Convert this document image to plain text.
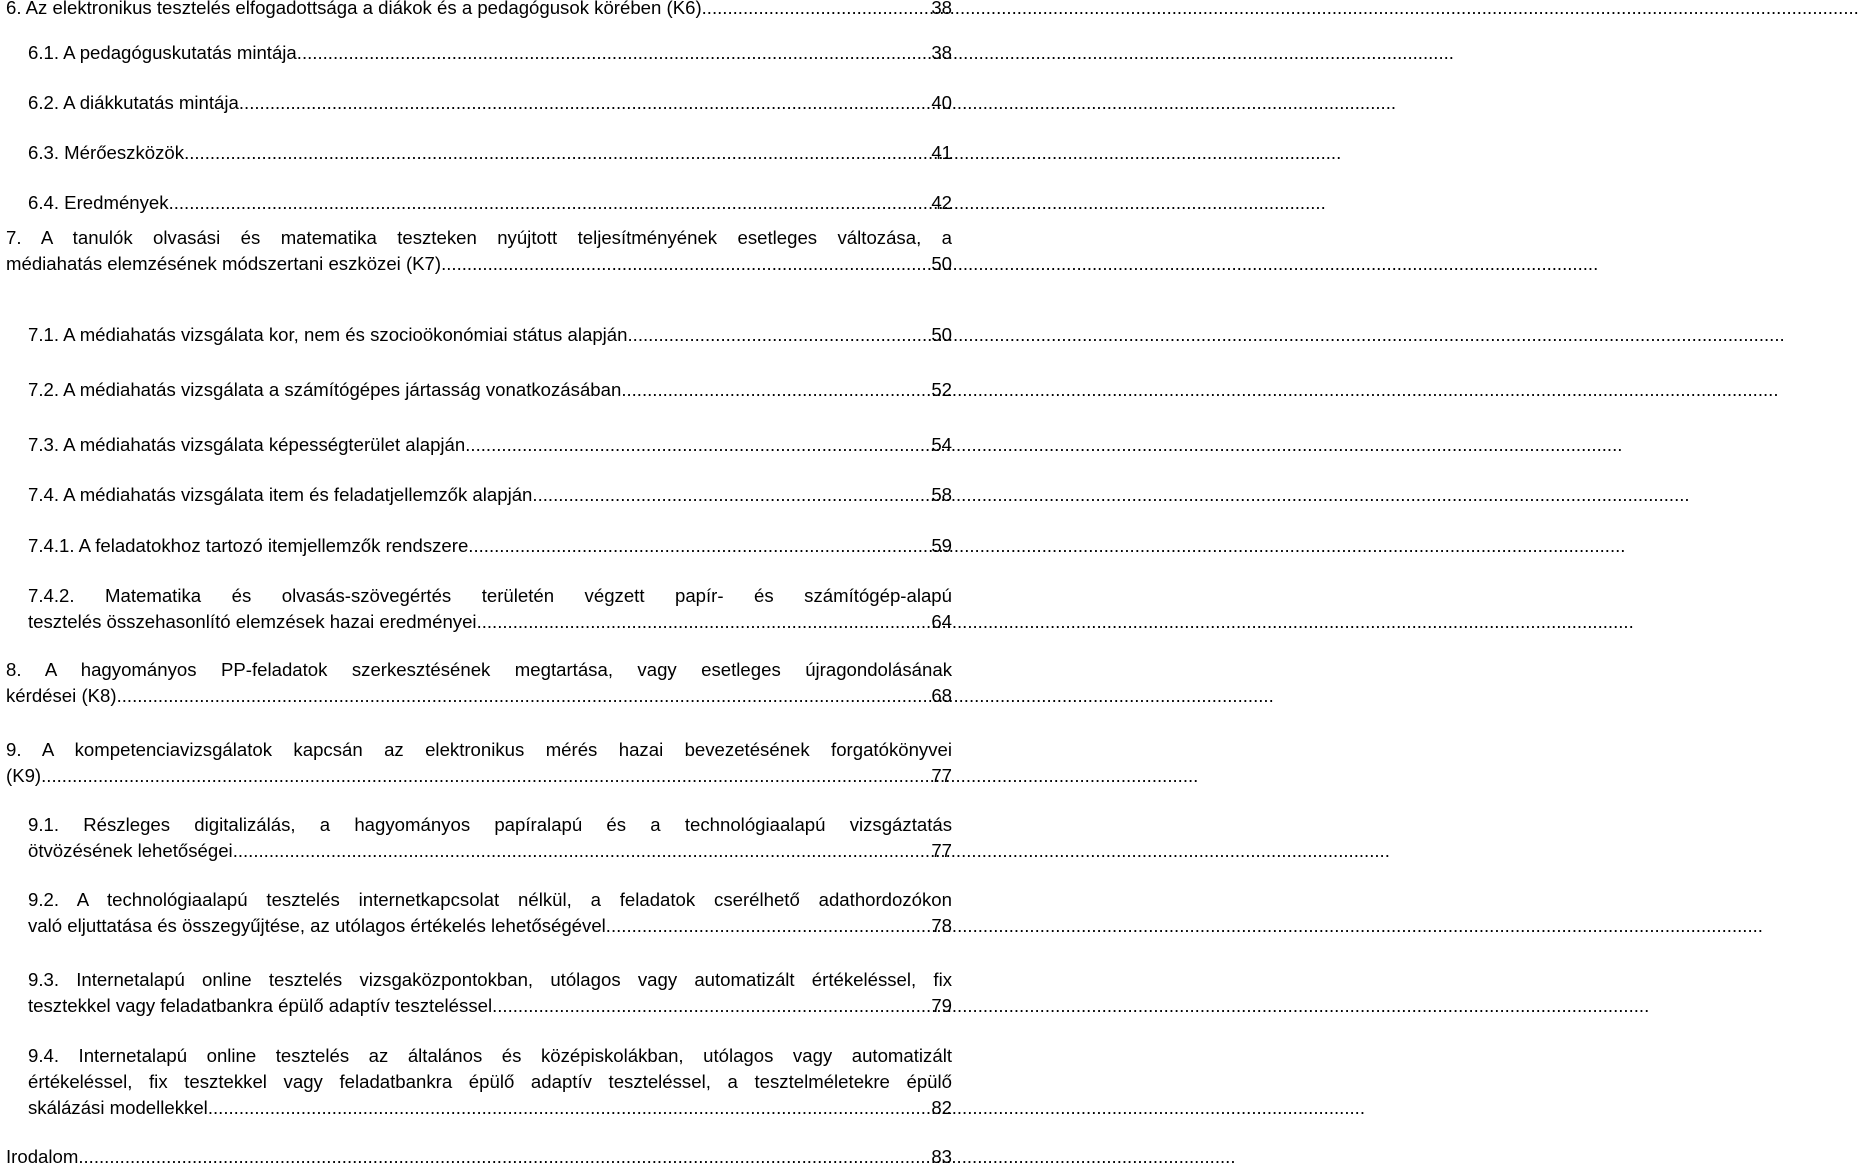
6. Az elektronikus tesztelés elfogadottsága a diákok és a pedagógusok körében (K6) .....	38
6.1. A pedagóguskutatás mintája .....	38
6.2. A diákkutatás mintája .....	40
6.3. Mérőeszközök .....	41
6.4. Eredmények .....	42
7. A tanulók olvasási és matematika teszteken nyújtott teljesítményének esetleges változása, a
médiahatás elemzésének módszertani eszközei (K7) .....	50
7.1. A médiahatás vizsgálata kor, nem és szocioökonómiai státus alapján .....	50
7.2. A médiahatás vizsgálata a számítógépes jártasság vonatkozásában .....	52
7.3. A médiahatás vizsgálata képességterület alapján .....	54
7.4. A médiahatás vizsgálata item és feladatjellemzők alapján .....	58
7.4.1. A feladatokhoz tartozó itemjellemzők rendszere .....	59
7.4.2. Matematika és olvasás-szövegértés területén végzett papír- és számítógép-alapú
tesztelés összehasonlító elemzések hazai eredményei .....	64
8. A hagyományos PP-feladatok szerkesztésének megtartása, vagy esetleges újragondolásának
kérdései (K8) .....	68
9. A kompetenciavizsgálatok kapcsán az elektronikus mérés hazai bevezetésének forgatókönyvei
(K9) .....	77
9.1. Részleges digitalizálás, a hagyományos papíralapú és a technológiaalapú vizsgáztatás
ötvözésének lehetőségei .....	77
9.2. A technológiaalapú tesztelés internetkapcsolat nélkül, a feladatok cserélhető adathordozókon
való eljuttatása és összegyűjtése, az utólagos értékelés lehetőségével .....	78
9.3. Internetalapú online tesztelés vizsgaközpontokban, utólagos vagy automatizált értékeléssel, fix
tesztekkel vagy feladatbankra épülő adaptív teszteléssel .....	79
9.4. Internetalapú online tesztelés az általános és középiskolákban, utólagos vagy automatizált
értékeléssel, fix tesztekkel vagy feladatbankra épülő adaptív teszteléssel, a tesztelméletekre épülő
skálázási modellekkel .....	82
Irodalom .....	83
